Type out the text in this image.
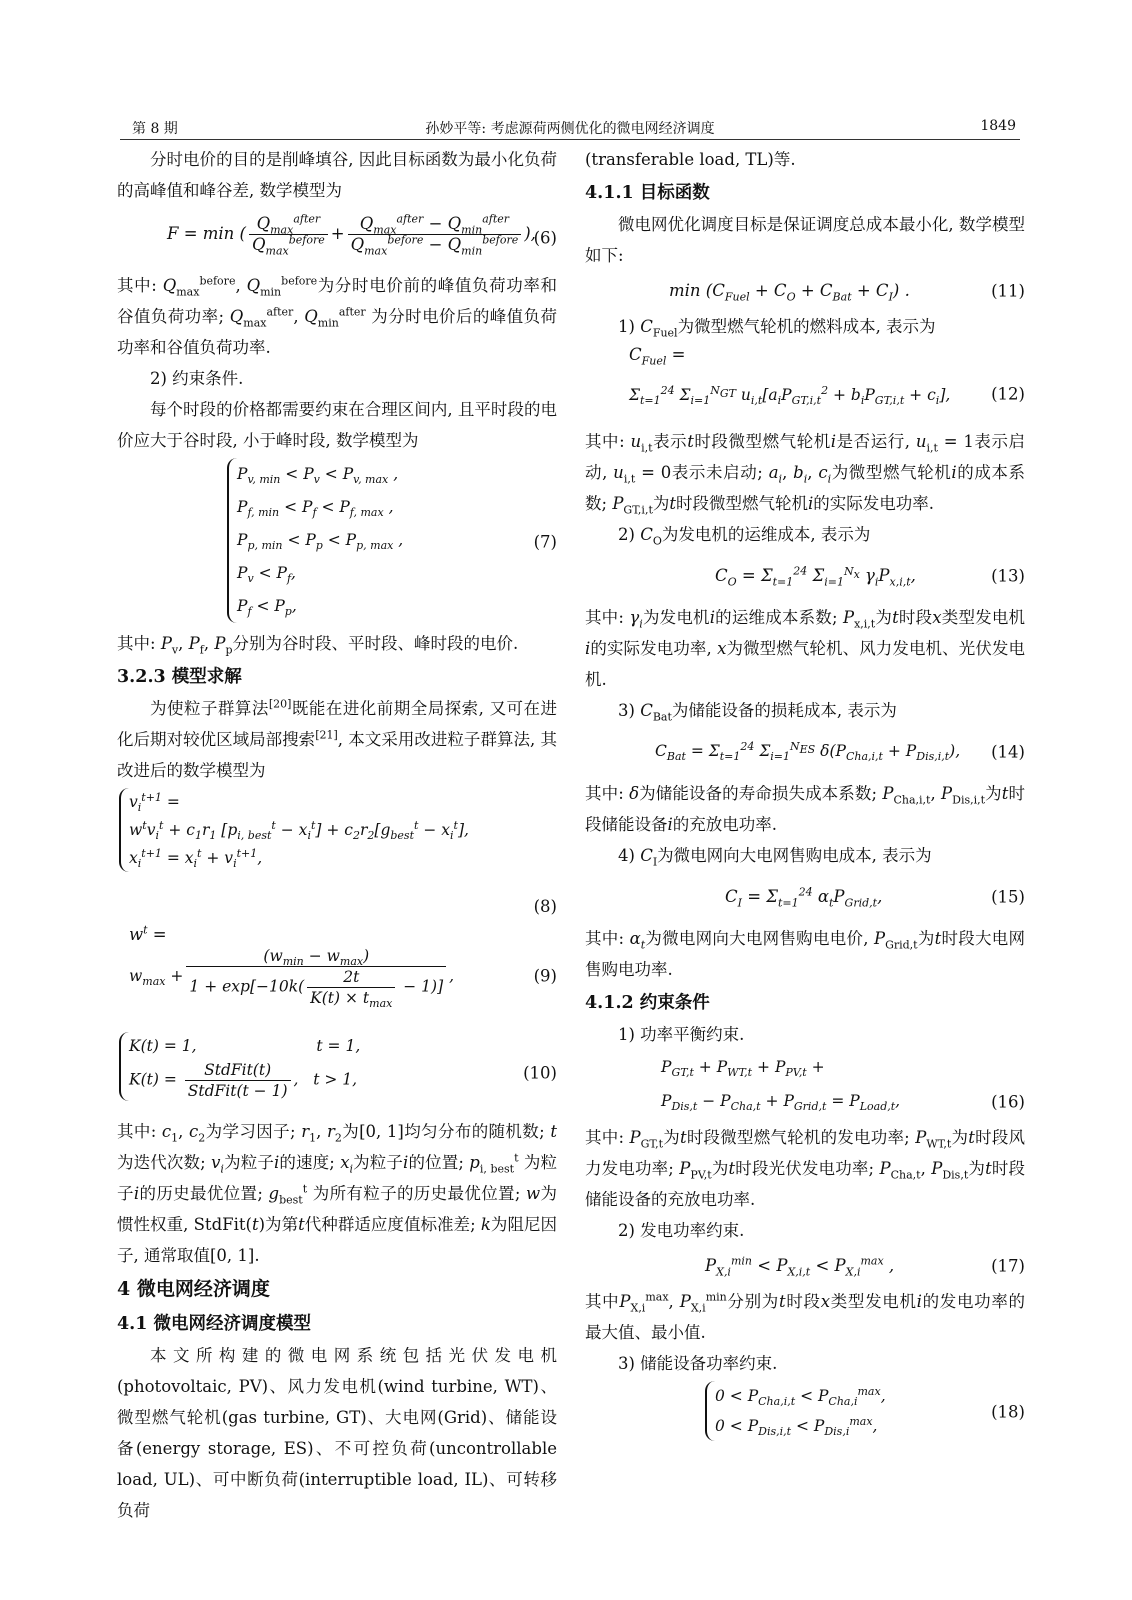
第 8 期	孙妙平等: 考虑源荷两侧优化的微电网经济调度	1849

分时电价的目的是削峰填谷, 因此目标函数为最小化负荷的高峰值和峰谷差, 数学模型为

F = min ( $\frac{Q_{max}^{after}}{Q_{max}^{before}} + \frac{Q_{max}^{after} - Q_{min}^{after}}{Q_{max}^{before} - Q_{min}^{before}}$ ),
(6)

其中: $Q_{max}^{before}$, $Q_{min}^{before}$为分时电价前的峰值负荷功率和谷值负荷功率; $Q_{max}^{after}$, $Q_{min}^{after}$ 为分时电价后的峰值负荷功率和谷值负荷功率.

2) 约束条件.

每个时段的价格都需要约束在合理区间内, 且平时段的电价应大于谷时段, 小于峰时段, 数学模型为

$P_{v, min} < P_v < P_{v, max}$ ,
$P_{f, min} < P_f < P_{f, max}$ ,
$P_{p, min} < P_p < P_{p, max}$ ,
$P_v < P_f$,
$P_f < P_p$,
(7)

其中: $P_v$, $P_f$, $P_p$分别为谷时段、平时段、峰时段的电价.

3.2.3 模型求解

为使粒子群算法[20]既能在进化前期全局探索, 又可在进化后期对较优区域局部搜索[21], 本文采用改进粒子群算法, 其改进后的数学模型为

$v_i^{t+1}$ =
$w^tv_i^t + c_1r_1$ $[p_{i, best}^t - x_i^t] + c_2r_2[g_{best}^t - x_i^t]$,
$x_i^{t+1} = x_i^t + v_i^{t+1}$,
(8)
$w^t$ =
$w_{max} + \frac{(w_{min} - w_{max})}{1 + \exp[-10k( \frac{2t}{K(t) \times t_{max}} - 1)]}$ ,	(9)
K(t) = 1,	t = 1,
$K(t) = \frac{\text{StdFit(t)}}{\text{StdFit(t − 1)}}$ ,   t > 1,	(10)

其中: $c_1$, $c_2$为学习因子; $r_1$, $r_2$为[0, 1]均匀分布的随机数; t为迭代次数; $v_i$为粒子i的速度; $x_i$为粒子i的位置; $p_{i, best}^t$ 为粒子i的历史最优位置; $g_{best}^t$ 为所有粒子的历史最优位置; w为惯性权重, StdFit(t)为第t代种群适应度值标准差; k为阻尼因子, 通常取值[0, 1].

4 微电网经济调度

4.1 微电网经济调度模型

本文所构建的微电网系统包括光伏发电机(photovoltaic, PV)、风力发电机(wind turbine, WT)、微型燃气轮机(gas turbine, GT)、大电网(Grid)、储能设备(energy storage, ES)、不可控负荷(uncontrollable load, UL)、可中断负荷(interruptible load, IL)、可转移负荷

(transferable load, TL)等.

4.1.1 目标函数

微电网优化调度目标是保证调度总成本最小化, 数学模型如下:

$\min (C_{Fuel} + C_O + C_{Bat} + C_I)$ .	(11)

1) $C_{Fuel}$为微型燃气轮机的燃料成本, 表示为

$C_{Fuel}$ =
$\Sigma_{t=1}^{24}$ $\Sigma_{i=1}^{N_{GT}}$ $u_{i,t}[a_iP_{GT,i,t}^2 + b_iP_{GT,i,t} + c_i]$, (12)

其中: $u_{i,t}$表示t时段微型燃气轮机i是否运行, $u_{i,t} = 1$表示启动, $u_{i,t} = 0$表示未启动; $a_i$, $b_i$, $c_i$为微型燃气轮机i的成本系数; $P_{GT,i,t}$为t时段微型燃气轮机i的实际发电功率.

2) $C_O$为发电机的运维成本, 表示为

$C_O = \Sigma_{t=1}^{24}$ $\Sigma_{i=1}^{N_x}$ $\gamma_iP_{x,i,t}$,	(13)

其中: $\gamma_i$为发电机i的运维成本系数; $P_{x,i,t}$为t时段x类型发电机i的实际发电功率, x为微型燃气轮机、风力发电机、光伏发电机.

3) $C_{Bat}$为储能设备的损耗成本, 表示为

$C_{Bat} = \Sigma_{t=1}^{24}$ $\Sigma_{i=1}^{N_{ES}}$ $\delta(P_{Cha,i,t} + P_{Dis,i,t})$, (14)

其中: δ为储能设备的寿命损失成本系数; $P_{Cha,i,t}$, $P_{Dis,i,t}$为t时段储能设备i的充放电功率.

4) $C_I$为微电网向大电网售购电成本, 表示为

$C_I = \Sigma_{t=1}^{24}$ $\alpha_tP_{Grid,t}$,	(15)

其中: $\alpha_t$为微电网向大电网售购电电价, $P_{Grid,t}$为t时段大电网售购电功率.

4.1.2 约束条件

1) 功率平衡约束.

$P_{GT,t} + P_{WT,t} + P_{PV,t}$ +
$P_{Dis,t} - P_{Cha,t} + P_{Grid,t} = P_{Load,t}$,	(16)

其中: $P_{GT,t}$为t时段微型燃气轮机的发电功率; $P_{WT,t}$为t时段风力发电功率; $P_{PV,t}$为t时段光伏发电功率; $P_{Cha,t}$, $P_{Dis,t}$为t时段储能设备的充放电功率.

2) 发电功率约束.

$P_{X,i}^{min} < P_{X,i,t} < P_{X,i}^{max}$ ,	(17)

其中$P_{X,i}^{max}$, $P_{X,i}^{min}$分别为t时段x类型发电机i的发电功率的最大值、最小值.

3) 储能设备功率约束.

$0 < P_{Cha,i,t} < P_{Cha,i}^{max}$,
$0 < P_{Dis,i,t} < P_{Dis,i}^{max}$,
(18)
